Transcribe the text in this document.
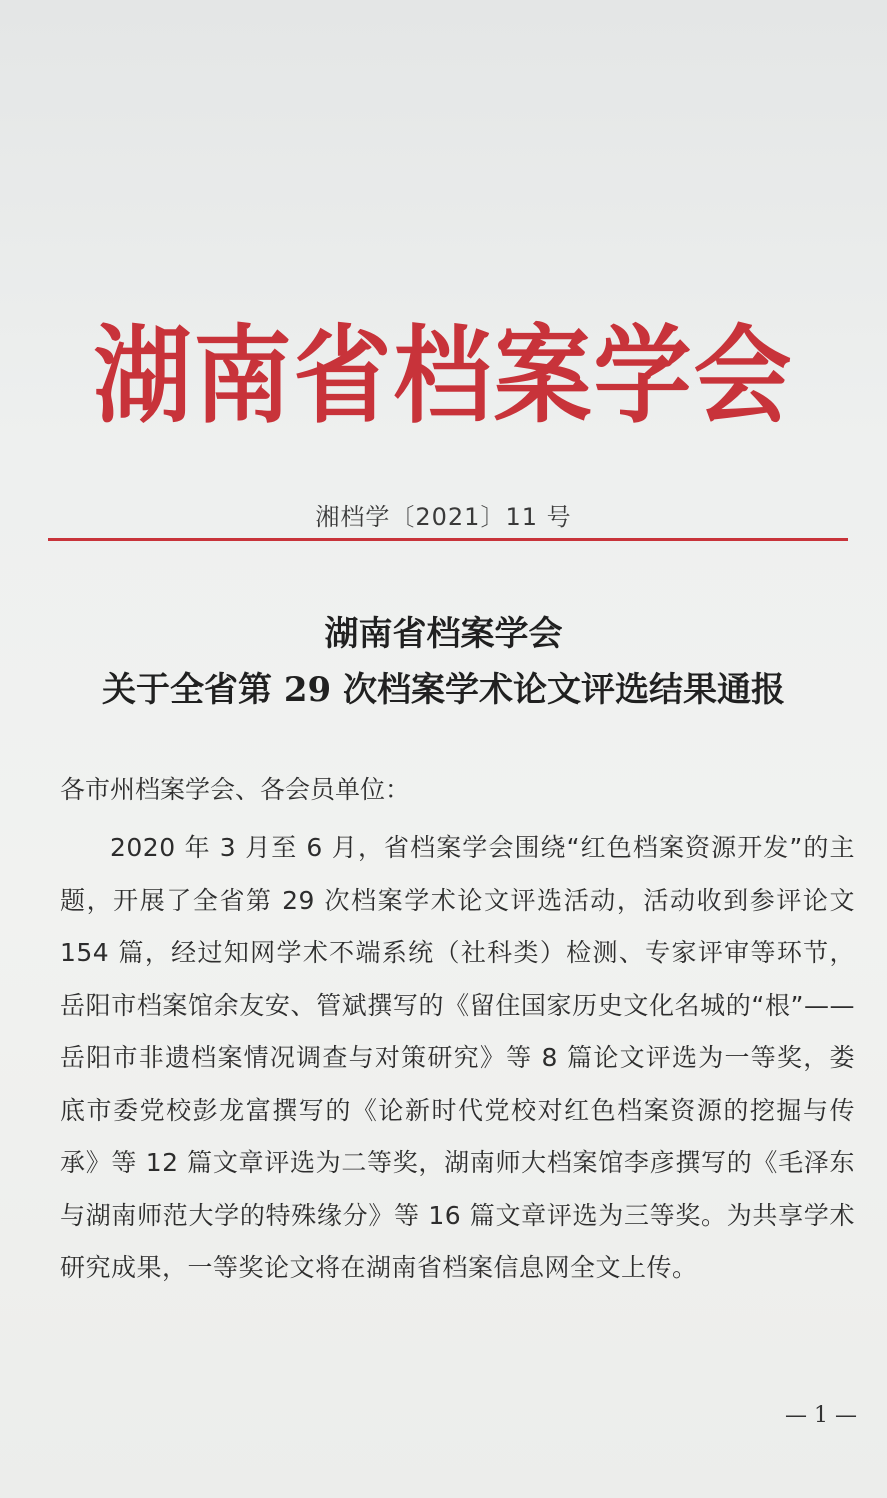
湖南省档案学会
湘档学〔2021〕11 号
湖南省档案学会
关于全省第 29 次档案学术论文评选结果通报
各市州档案学会、各会员单位：
2020 年 3 月至 6 月，省档案学会围绕“红色档案资源开发”的主题，开展了全省第 29 次档案学术论文评选活动，活动收到参评论文 154 篇，经过知网学术不端系统（社科类）检测、专家评审等环节，岳阳市档案馆余友安、管斌撰写的《留住国家历史文化名城的“根”——岳阳市非遗档案情况调查与对策研究》等 8 篇论文评选为一等奖，娄底市委党校彭龙富撰写的《论新时代党校对红色档案资源的挖掘与传承》等 12 篇文章评选为二等奖，湖南师大档案馆李彦撰写的《毛泽东与湖南师范大学的特殊缘分》等 16 篇文章评选为三等奖。为共享学术研究成果，一等奖论文将在湖南省档案信息网全文上传。
— 1 —
